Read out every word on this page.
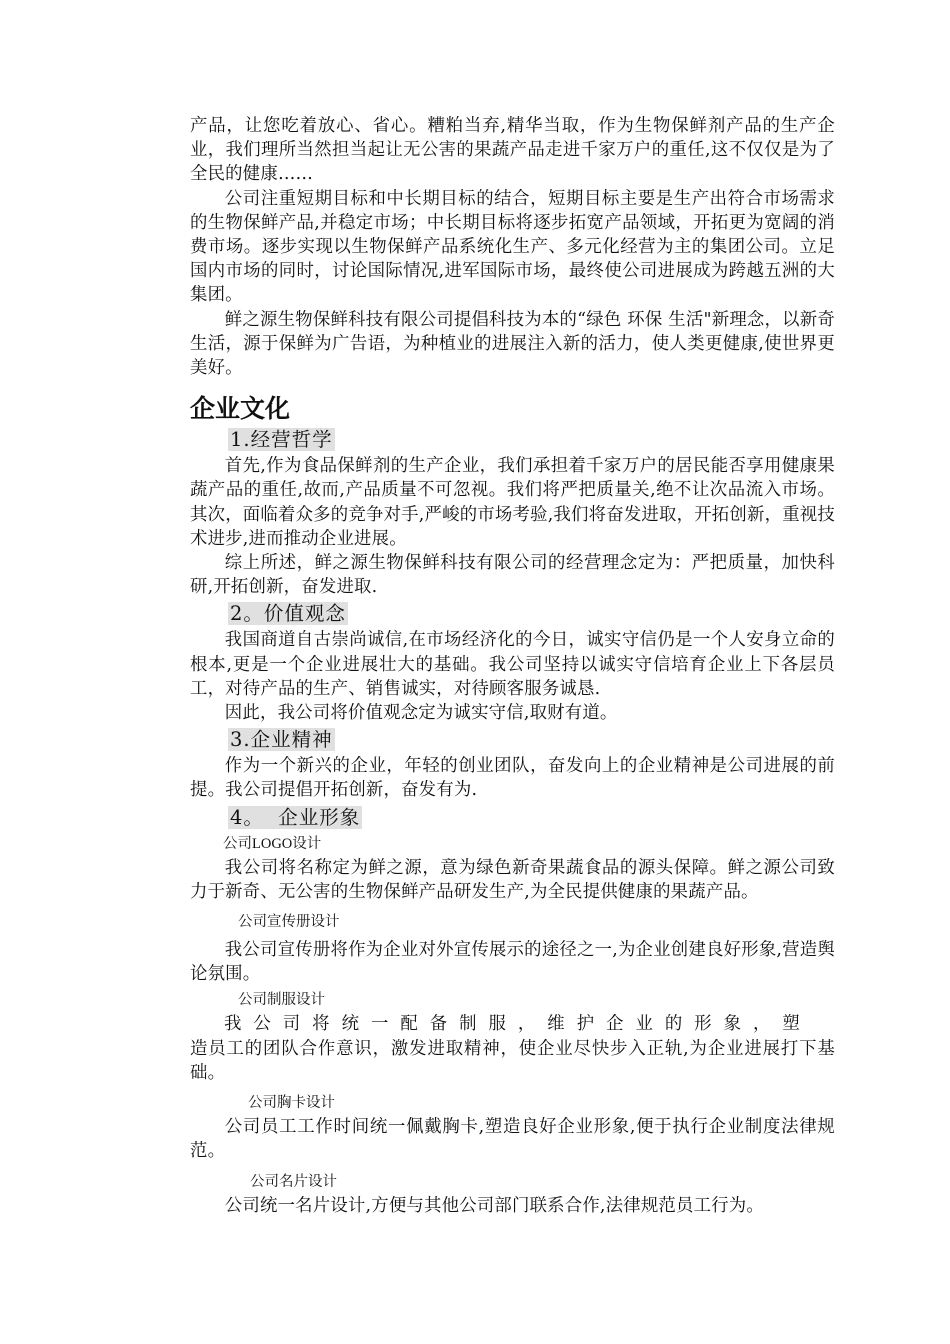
产品，让您吃着放心、省心。糟粕当弃,精华当取，作为生物保鲜剂产品的生产企业，我们理所当然担当起让无公害的果蔬产品走进千家万户的重任,这不仅仅是为了全民的健康……

公司注重短期目标和中长期目标的结合，短期目标主要是生产出符合市场需求的生物保鲜产品,并稳定市场；中长期目标将逐步拓宽产品领域，开拓更为宽阔的消费市场。逐步实现以生物保鲜产品系统化生产、多元化经营为主的集团公司。立足国内市场的同时，讨论国际情况,进军国际市场，最终使公司进展成为跨越五洲的大集团。

鲜之源生物保鲜科技有限公司提倡科技为本的“绿色 环保 生活"新理念，以新奇生活，源于保鲜为广告语，为种植业的进展注入新的活力，使人类更健康,使世界更美好。

企业文化
1.经营哲学

首先,作为食品保鲜剂的生产企业，我们承担着千家万户的居民能否享用健康果蔬产品的重任,故而,产品质量不可忽视。我们将严把质量关,绝不让次品流入市场。其次，面临着众多的竞争对手,严峻的市场考验,我们将奋发进取，开拓创新，重视技术进步,进而推动企业进展。

综上所述，鲜之源生物保鲜科技有限公司的经营理念定为：严把质量，加快科研,开拓创新，奋发进取.

2。价值观念

我国商道自古崇尚诚信,在市场经济化的今日，诚实守信仍是一个人安身立命的根本,更是一个企业进展壮大的基础。我公司坚持以诚实守信培育企业上下各层员工，对待产品的生产、销售诚实，对待顾客服务诚恳.

因此，我公司将价值观念定为诚实守信,取财有道。

3.企业精神

作为一个新兴的企业，年轻的创业团队，奋发向上的企业精神是公司进展的前提。我公司提倡开拓创新，奋发有为.

4。  企业形象
公司LOGO设计

我公司将名称定为鲜之源，意为绿色新奇果蔬食品的源头保障。鲜之源公司致力于新奇、无公害的生物保鲜产品研发生产,为全民提供健康的果蔬产品。

公司宣传册设计

我公司宣传册将作为企业对外宣传展示的途径之一,为企业创建良好形象,营造舆论氛围。

公司制服设计

我公司将统一配备制服，维护企业的形象，塑

造员工的团队合作意识，激发进取精神，使企业尽快步入正轨,为企业进展打下基础。

公司胸卡设计

公司员工工作时间统一佩戴胸卡,塑造良好企业形象,便于执行企业制度法律规范。

公司名片设计

公司统一名片设计,方便与其他公司部门联系合作,法律规范员工行为。
